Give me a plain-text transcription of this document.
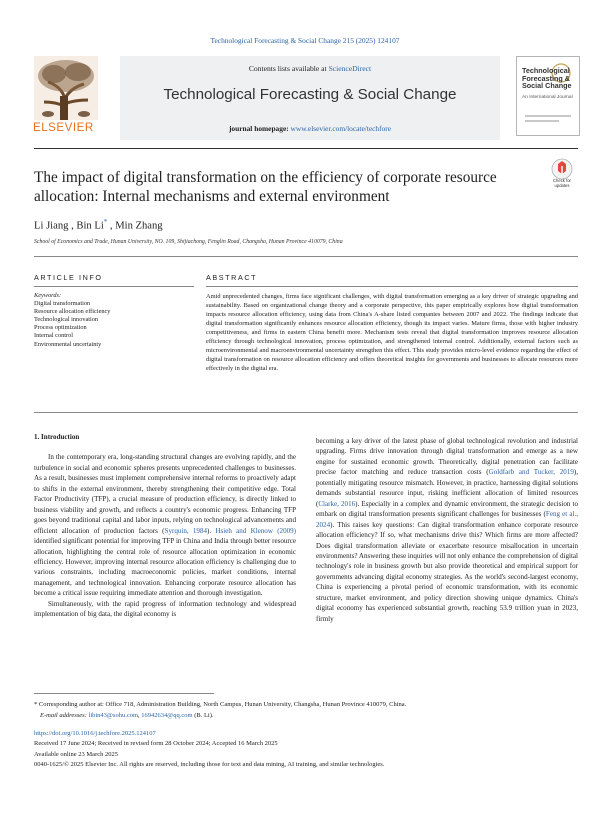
Technological Forecasting & Social Change 215 (2025) 124107
ELSEVIER
Contents lists available at ScienceDirect
Technological Forecasting & Social Change
journal homepage: www.elsevier.com/locate/techfore
Technological Forecasting & Social Change
An International Journal
The impact of digital transformation on the efficiency of corporate resource allocation: Internal mechanisms and external environment
Check for updates
Li Jiang , Bin Li* , Min Zhang
School of Economics and Trade, Hunan University, NO. 109, Shijiachong, Fenglin Road, Changsha, Hunan Province 410079, China
ARTICLE INFO	ABSTRACT
Keywords:
Digital transformation
Resource allocation efficiency
Technological innovation
Process optimization
Internal control
Environmental uncertainty
Amid unprecedented changes, firms face significant challenges, with digital transformation emerging as a key driver of strategic upgrading and sustainability. Based on organizational change theory and a corporate perspective, this paper empirically explores how digital transformation impacts resource allocation efficiency, using data from China's A-share listed companies between 2007 and 2022. The findings indicate that digital transformation significantly enhances resource allocation efficiency, though its impact varies. Mature firms, those with higher industry competitiveness, and firms in eastern China benefit more. Mechanism tests reveal that digital transformation improves resource allocation efficiency through technological innovation, process optimization, and strengthened internal control. Additionally, external factors such as microenvironmental and macroenvironmental uncertainty strengthen this effect. This study provides micro-level evidence regarding the effect of digital transformation on resource allocation efficiency and offers theoretical insights for governments and businesses to allocate resources more effectively in the digital era.
1. Introduction

In the contemporary era, long-standing structural changes are evolving rapidly, and the turbulence in social and economic spheres presents unprecedented challenges to businesses. As a result, businesses must implement comprehensive internal reforms to proactively adapt to shifts in the external environment, thereby strengthening their competitive edge. Total Factor Productivity (TFP), a crucial measure of production efficiency, is directly linked to business viability and growth, and reflects a country's economic progress. Enhancing TFP goes beyond traditional capital and labor inputs, relying on technological advancements and efficient allocation of production factors (Syrquin, 1984). Hsieh and Klenow (2009) identified significant potential for improving TFP in China and India through better resource allocation, highlighting the central role of resource allocation optimization in economic efficiency. However, improving internal resource allocation efficiency is challenging due to various constraints, including macroeconomic policies, market conditions, internal management, and technological innovation. Enhancing corporate resource allocation has become a critical issue requiring immediate attention and thorough investigation.

Simultaneously, with the rapid progress of information technology and widespread implementation of big data, the digital economy is

becoming a key driver of the latest phase of global technological revolution and industrial upgrading. Firms drive innovation through digital transformation and emerge as a new engine for sustained economic growth. Theoretically, digital penetration can facilitate precise factor matching and reduce transaction costs (Goldfarb and Tucker, 2019), potentially mitigating resource mismatch. However, in practice, harnessing digital solutions demands substantial resource input, risking inefficient allocation of limited resources (Clarke, 2016). Especially in a complex and dynamic environment, the strategic decision to embark on digital transformation presents significant challenges for businesses (Feng et al., 2024). This raises key questions: Can digital transformation enhance corporate resource allocation efficiency? If so, what mechanisms drive this? Which firms are more affected? Does digital transformation alleviate or exacerbate resource misallocation in uncertain environments? Answering these inquiries will not only enhance the comprehension of digital technology's role in business growth but also provide theoretical and empirical support for governments advancing digital economy strategies. As the world's second-largest economy, China is experiencing a pivotal period of economic transformation, with its economic structure, market environment, and policy direction showing unique dynamics. China's digital economy has experienced substantial growth, reaching 53.9 trillion yuan in 2023, firmly

* Corresponding author at: Office 718, Administration Building, North Campus, Hunan University, Changsha, Hunan Province 410079, China.
E-mail addresses: libin43@sohu.com, 16942634@qq.com (B. Li).
https://doi.org/10.1016/j.techfore.2025.124107
Received 17 June 2024; Received in revised form 28 October 2024; Accepted 16 March 2025
Available online 23 March 2025
0040-1625/© 2025 Elsevier Inc. All rights are reserved, including those for text and data mining, AI training, and similar technologies.
